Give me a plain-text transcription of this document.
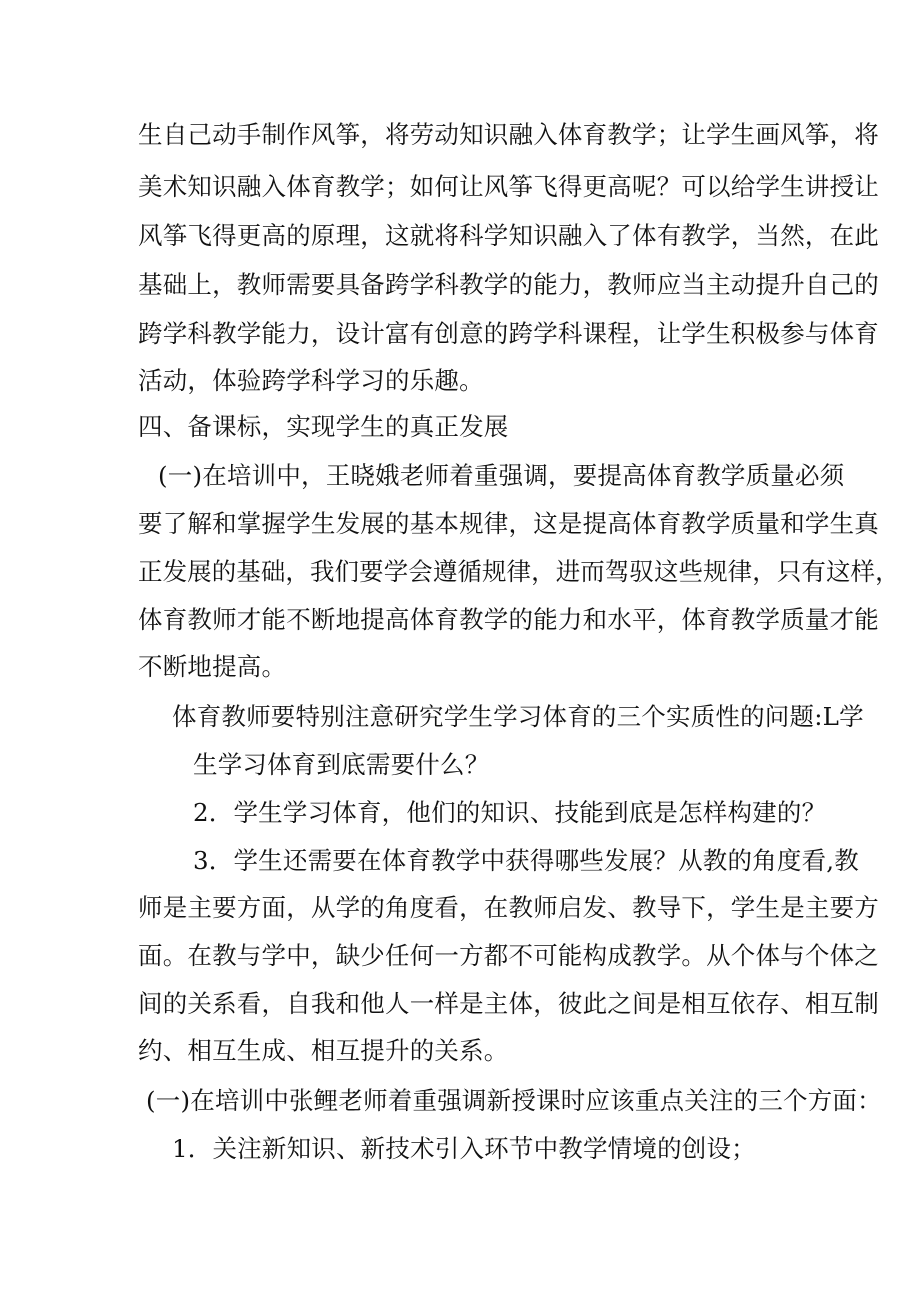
生自己动手制作风筝，将劳动知识融入体育教学；让学生画风筝，将
美术知识融入体育教学；如何让风筝飞得更高呢？可以给学生讲授让
风筝飞得更高的原理，这就将科学知识融入了体有教学，当然，在此
基础上，教师需要具备跨学科教学的能力，教师应当主动提升自己的
跨学科教学能力，设计富有创意的跨学科课程，让学生积极参与体育
活动，体验跨学科学习的乐趣。
四、备课标，实现学生的真正发展
(一)在培训中，王晓娥老师着重强调，要提高体育教学质量必须
要了解和掌握学生发展的基本规律，这是提高体育教学质量和学生真
正发展的基础，我们要学会遵循规律，进而驾驭这些规律，只有这样，
体育教师才能不断地提高体育教学的能力和水平，体育教学质量才能
不断地提高。
体育教师要特别注意研究学生学习体育的三个实质性的问题:L学
生学习体育到底需要什么？
2．学生学习体育，他们的知识、技能到底是怎样构建的？
3．学生还需要在体育教学中获得哪些发展？从教的角度看,教
师是主要方面，从学的角度看，在教师启发、教导下，学生是主要方
面。在教与学中，缺少任何一方都不可能构成教学。从个体与个体之
间的关系看，自我和他人一样是主体，彼此之间是相互依存、相互制
约、相互生成、相互提升的关系。
(一)在培训中张鲤老师着重强调新授课时应该重点关注的三个方面：
1．关注新知识、新技术引入环节中教学情境的创设；
